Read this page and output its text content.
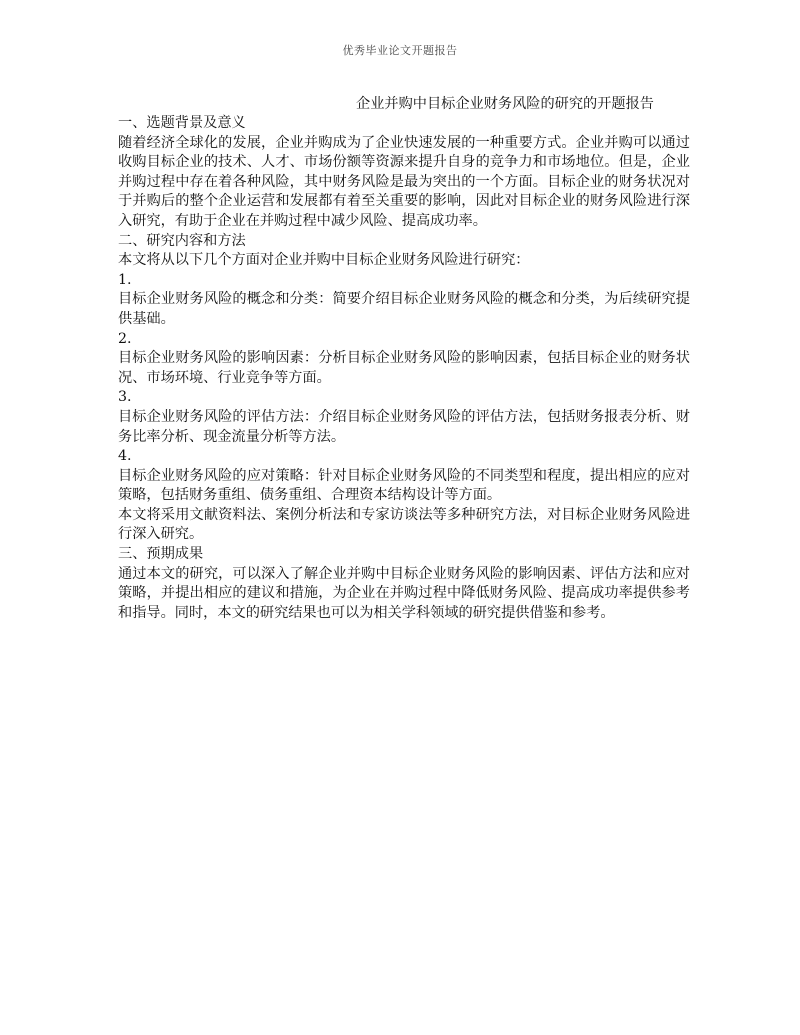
优秀毕业论文开题报告
企业并购中目标企业财务风险的研究的开题报告
一、选题背景及意义

随着经济全球化的发展，企业并购成为了企业快速发展的一种重要方式。企业并购可以通过收购目标企业的技术、人才、市场份额等资源来提升自身的竞争力和市场地位。但是，企业并购过程中存在着各种风险，其中财务风险是最为突出的一个方面。目标企业的财务状况对于并购后的整个企业运营和发展都有着至关重要的影响，因此对目标企业的财务风险进行深入研究，有助于企业在并购过程中减少风险、提高成功率。

二、研究内容和方法

本文将从以下几个方面对企业并购中目标企业财务风险进行研究：

1.

目标企业财务风险的概念和分类：简要介绍目标企业财务风险的概念和分类，为后续研究提供基础。

2.

目标企业财务风险的影响因素：分析目标企业财务风险的影响因素，包括目标企业的财务状况、市场环境、行业竞争等方面。

3.

目标企业财务风险的评估方法：介绍目标企业财务风险的评估方法，包括财务报表分析、财务比率分析、现金流量分析等方法。

4.

目标企业财务风险的应对策略：针对目标企业财务风险的不同类型和程度，提出相应的应对策略，包括财务重组、债务重组、合理资本结构设计等方面。

本文将采用文献资料法、案例分析法和专家访谈法等多种研究方法，对目标企业财务风险进行深入研究。

三、预期成果

通过本文的研究，可以深入了解企业并购中目标企业财务风险的影响因素、评估方法和应对策略，并提出相应的建议和措施，为企业在并购过程中降低财务风险、提高成功率提供参考和指导。同时，本文的研究结果也可以为相关学科领域的研究提供借鉴和参考。
